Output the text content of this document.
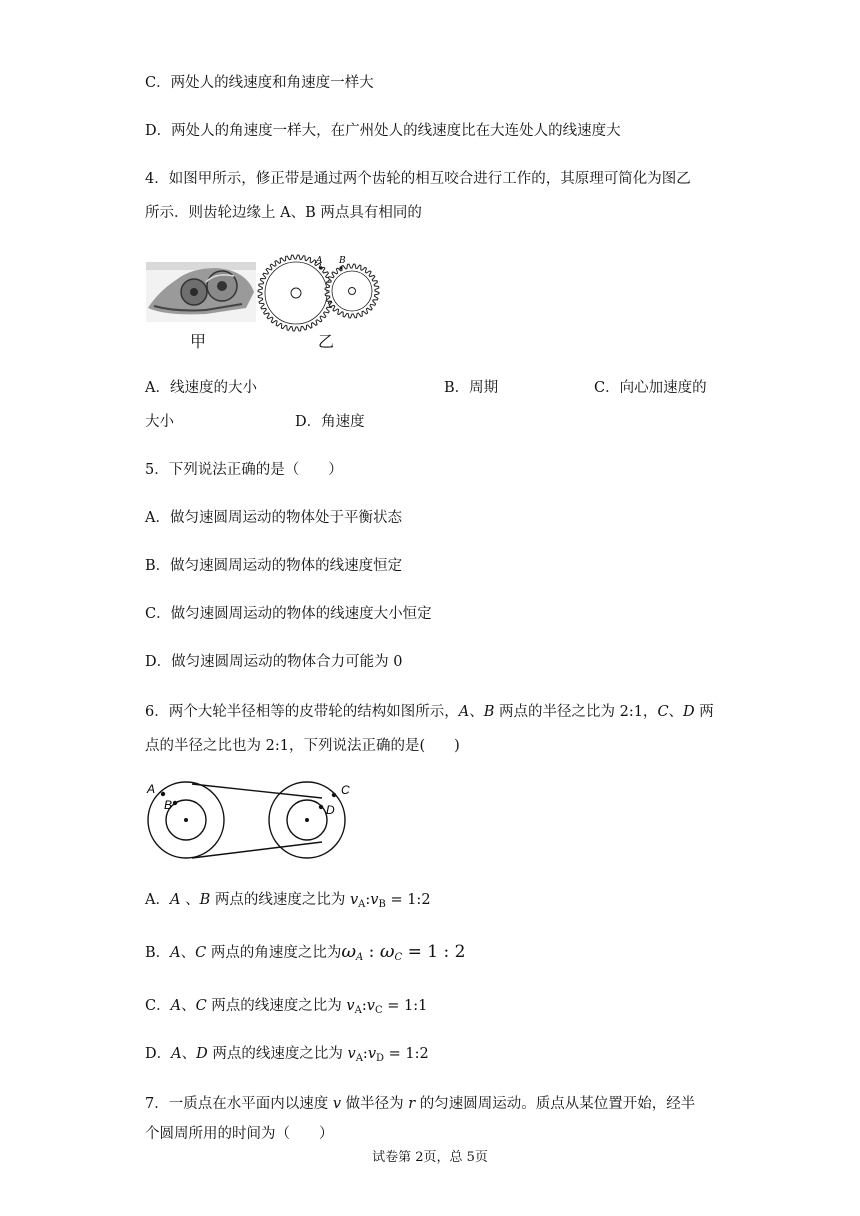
C．两处人的线速度和角速度一样大
D．两处人的角速度一样大，在广州处人的线速度比在大连处人的线速度大
4．如图甲所示，修正带是通过两个齿轮的相互咬合进行工作的，其原理可简化为图乙
所示．则齿轮边缘上 A、B 两点具有相同的
甲
A B
乙
A．线速度的大小	B．周期	C．向心加速度的
大小	D．角速度
5．下列说法正确的是（　　）
A．做匀速圆周运动的物体处于平衡状态
B．做匀速圆周运动的物体的线速度恒定
C．做匀速圆周运动的物体的线速度大小恒定
D．做匀速圆周运动的物体合力可能为 0
6．两个大轮半径相等的皮带轮的结构如图所示，A、B 两点的半径之比为 2:1，C、D 两
点的半径之比也为 2:1，下列说法正确的是(　　)
A
B
C
D
A．A 、B 两点的线速度之比为 $v_A:v_B$ = 1:2
B．A、C 两点的角速度之比为$\omega_A$ : $\omega_C = 1$ : 2
C．A、C 两点的线速度之比为 $v_A:v_C$ = 1:1
D．A、D 两点的线速度之比为 $v_A:v_D$ = 1:2
7．一质点在水平面内以速度 v 做半径为 r 的匀速圆周运动。质点从某位置开始，经半
个圆周所用的时间为（　　）
试卷第 2页，总 5页
